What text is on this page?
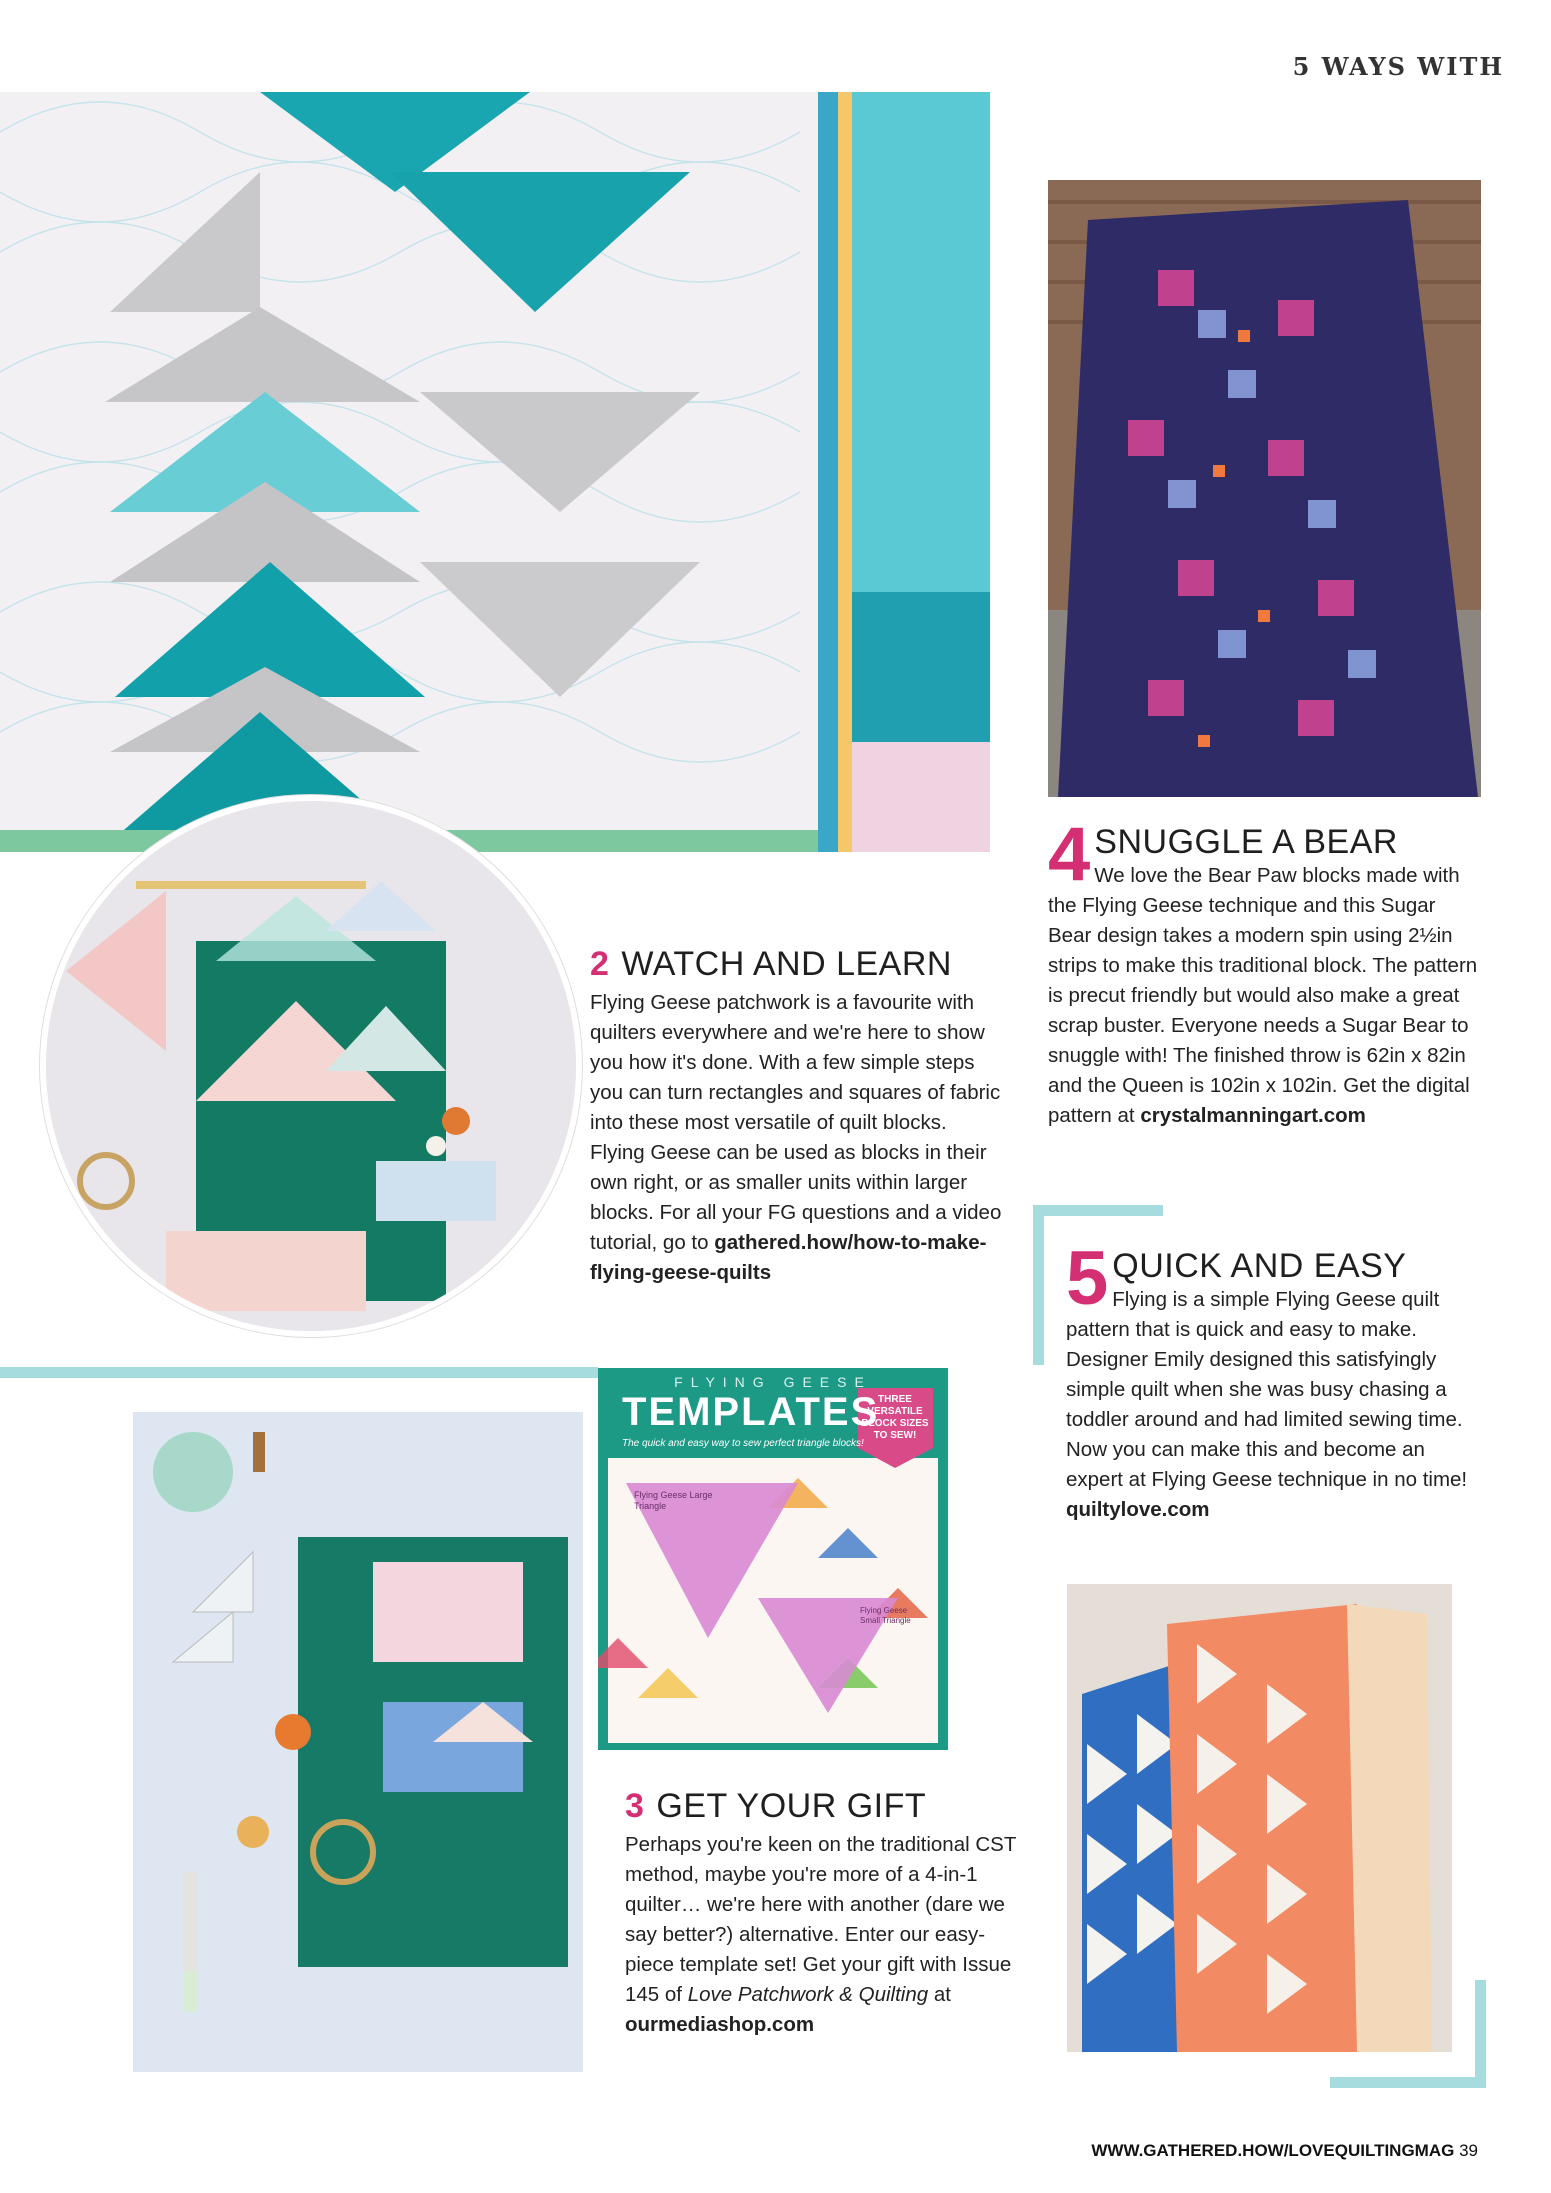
5 WAYS WITH
FLYING GEESE
TEMPLATES
The quick and easy way to sew perfect triangle blocks!
THREE VERSATILE BLOCK SIZES TO SEW!
Flying Geese Large Triangle
Flying Geese Small Triangle
2 WATCH AND LEARN
Flying Geese patchwork is a favourite with quilters everywhere and we're here to show you how it's done. With a few simple steps you can turn rectangles and squares of fabric into these most versatile of quilt blocks. Flying Geese can be used as blocks in their own right, or as smaller units within larger blocks. For all your FG questions and a video tutorial, go to gathered.how/how-to-make-flying-geese-quilts
3 GET YOUR GIFT
Perhaps you're keen on the traditional CST method, maybe you're more of a 4-in-1 quilter… we're here with another (dare we say better?) alternative. Enter our easy-piece template set! Get your gift with Issue 145 of Love Patchwork & Quilting at ourmediashop.com
4 SNUGGLE A BEAR
We love the Bear Paw blocks made with the Flying Geese technique and this Sugar Bear design takes a modern spin using 2½in strips to make this traditional block. The pattern is precut friendly but would also make a great scrap buster. Everyone needs a Sugar Bear to snuggle with! The finished throw is 62in x 82in and the Queen is 102in x 102in. Get the digital pattern at crystalmanningart.com
5 QUICK AND EASY
Flying is a simple Flying Geese quilt pattern that is quick and easy to make. Designer Emily designed this satisfyingly simple quilt when she was busy chasing a toddler around and had limited sewing time. Now you can make this and become an expert at Flying Geese technique in no time!
quiltylove.com
WWW.GATHERED.HOW/LOVEQUILTINGMAG 39
